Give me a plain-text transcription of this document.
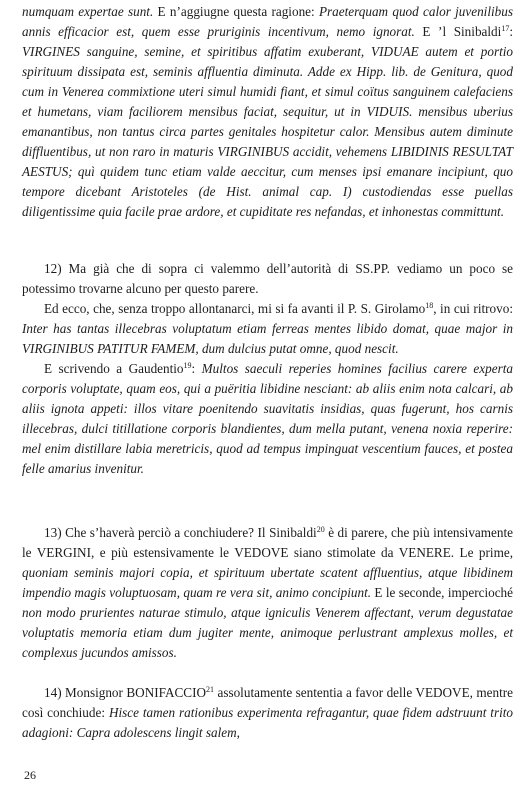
numquam expertae sunt. E n’aggiugne questa ragione: Praeterquam quod calor juvenilibus annis efficacior est, quem esse pruriginis incentivum, nemo ignorat. E ’l Sinibaldi$^{17}$: VIRGINES sanguine, semine, et spiritibus affatim exuberant, VIDUAE autem et portio spirituum dissipata est, seminis affluentia diminuta. Adde ex Hipp. lib. de Genitura, quod cum in Venerea commixtione uteri simul humidi fiant, et simul coïtus sanguinem calefaciens et humetans, viam faciliorem mensibus faciat, sequitur, ut in VIDUIS. mensibus uberius emanantibus, non tantus circa partes genitales hospitetur calor. Mensibus autem diminute diffluentibus, ut non raro in maturis VIRGINIBUS accidit, vehemens LIBIDINIS RESULTAT AESTUS; quì quidem tunc etiam valde aeccitur, cum menses ipsi emanare incipiunt, quo tempore dicebant Aristoteles (de Hist. animal cap. I) custodiendas esse puellas diligentissime quia facile prae ardore, et cupiditate res nefandas, et inhonestas committunt.

12) Ma già che di sopra ci valemmo dell’autorità di SS.PP. vediamo un poco se potessimo trovarne alcuno per questo parere.

Ed ecco, che, senza troppo allontanarci, mi si fa avanti il P. S. Girolamo$^{18}$, in cui ritrovo: Inter has tantas illecebras voluptatum etiam ferreas mentes libido domat, quae major in VIRGINIBUS PATITUR FAMEM, dum dulcius putat omne, quod nescit.

E scrivendo a Gaudentio$^{19}$: Multos saeculi reperies homines facilius carere experta corporis voluptate, quam eos, qui a puëritia libidine nesciant: ab aliis enim nota calcari, ab aliis ignota appeti: illos vitare poenitendo suavitatis insidias, quas fugerunt, hos carnis illecebras, dulci titillatione corporis blandientes, dum mella putant, venena noxia reperire: mel enim distillare labia meretricis, quod ad tempus impinguat vescentium fauces, et postea felle amarius invenitur.

13) Che s’haverà perciò a conchiudere? Il Sinibaldi$^{20}$ è di parere, che più intensivamente le VERGINI, e più estensivamente le VEDOVE siano stimolate da VENERE. Le prime, quoniam seminis majori copia, et spirituum ubertate scatent affluentius, atque libidinem impendio magis voluptuosam, quam re vera sit, animo concipiunt. E le seconde, impercioché non modo prurientes naturae stimulo, atque igniculis Venerem affectant, verum degustatae voluptatis memoria etiam dum jugiter mente, animoque perlustrant amplexus molles, et complexus jucundos amissos.

14) Monsignor BONIFACCIO$^{21}$ assolutamente sententia a favor delle VEDOVE, mentre così conchiude: Hisce tamen rationibus experimenta refragantur, quae fidem adstruunt trito adagioni: Capra adolescens lingit salem,

26
